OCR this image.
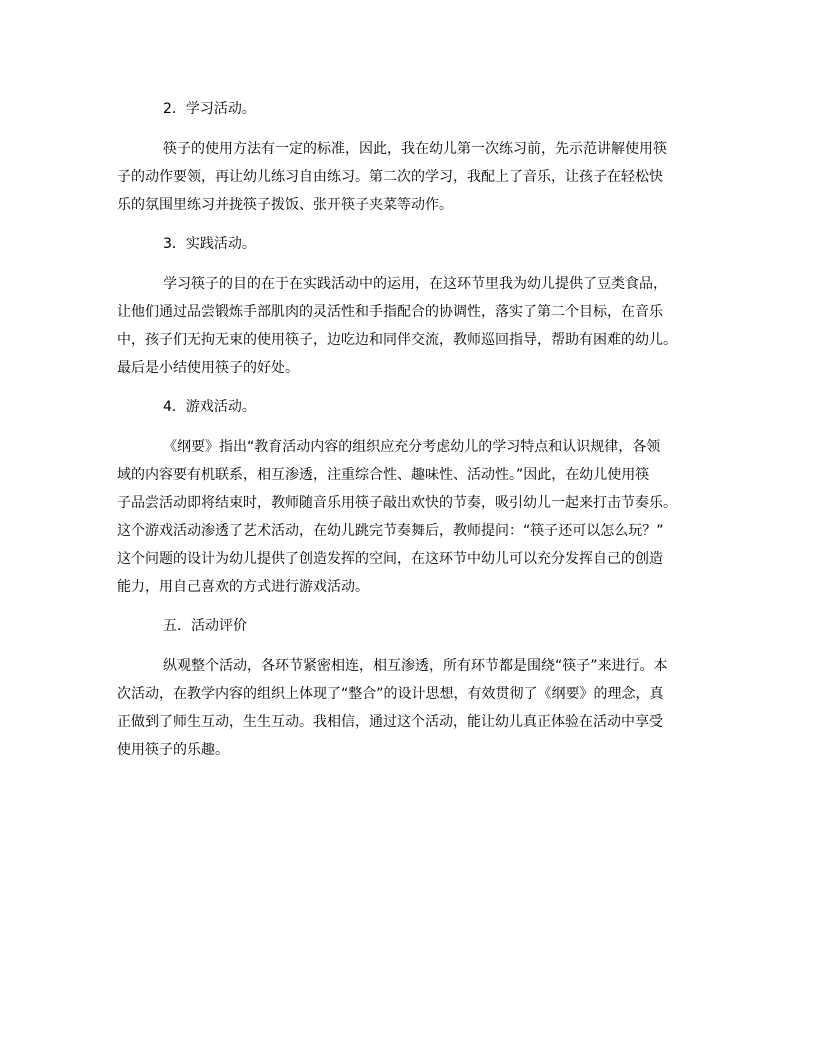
2．学习活动。

筷子的使用方法有一定的标准，因此，我在幼儿第一次练习前，先示范讲解使用筷
子的动作要领，再让幼儿练习自由练习。第二次的学习，我配上了音乐，让孩子在轻松快
乐的氛围里练习并拢筷子拨饭、张开筷子夹菜等动作。

3．实践活动。

学习筷子的目的在于在实践活动中的运用，在这环节里我为幼儿提供了豆类食品，
让他们通过品尝锻炼手部肌肉的灵活性和手指配合的协调性，落实了第二个目标，在音乐
中，孩子们无拘无束的使用筷子，边吃边和同伴交流，教师巡回指导，帮助有困难的幼儿。
最后是小结使用筷子的好处。

4．游戏活动。

《纲要》指出“教育活动内容的组织应充分考虑幼儿的学习特点和认识规律，各领
域的内容要有机联系，相互渗透，注重综合性、趣味性、活动性。”因此，在幼儿使用筷
子品尝活动即将结束时，教师随音乐用筷子敲出欢快的节奏，吸引幼儿一起来打击节奏乐。
这个游戏活动渗透了艺术活动，在幼儿跳完节奏舞后，教师提问：“筷子还可以怎么玩？”
这个问题的设计为幼儿提供了创造发挥的空间，在这环节中幼儿可以充分发挥自己的创造
能力，用自己喜欢的方式进行游戏活动。

五．活动评价

纵观整个活动，各环节紧密相连，相互渗透，所有环节都是围绕“筷子”来进行。本
次活动，在教学内容的组织上体现了“整合”的设计思想，有效贯彻了《纲要》的理念，真
正做到了师生互动，生生互动。我相信，通过这个活动，能让幼儿真正体验在活动中享受
使用筷子的乐趣。
